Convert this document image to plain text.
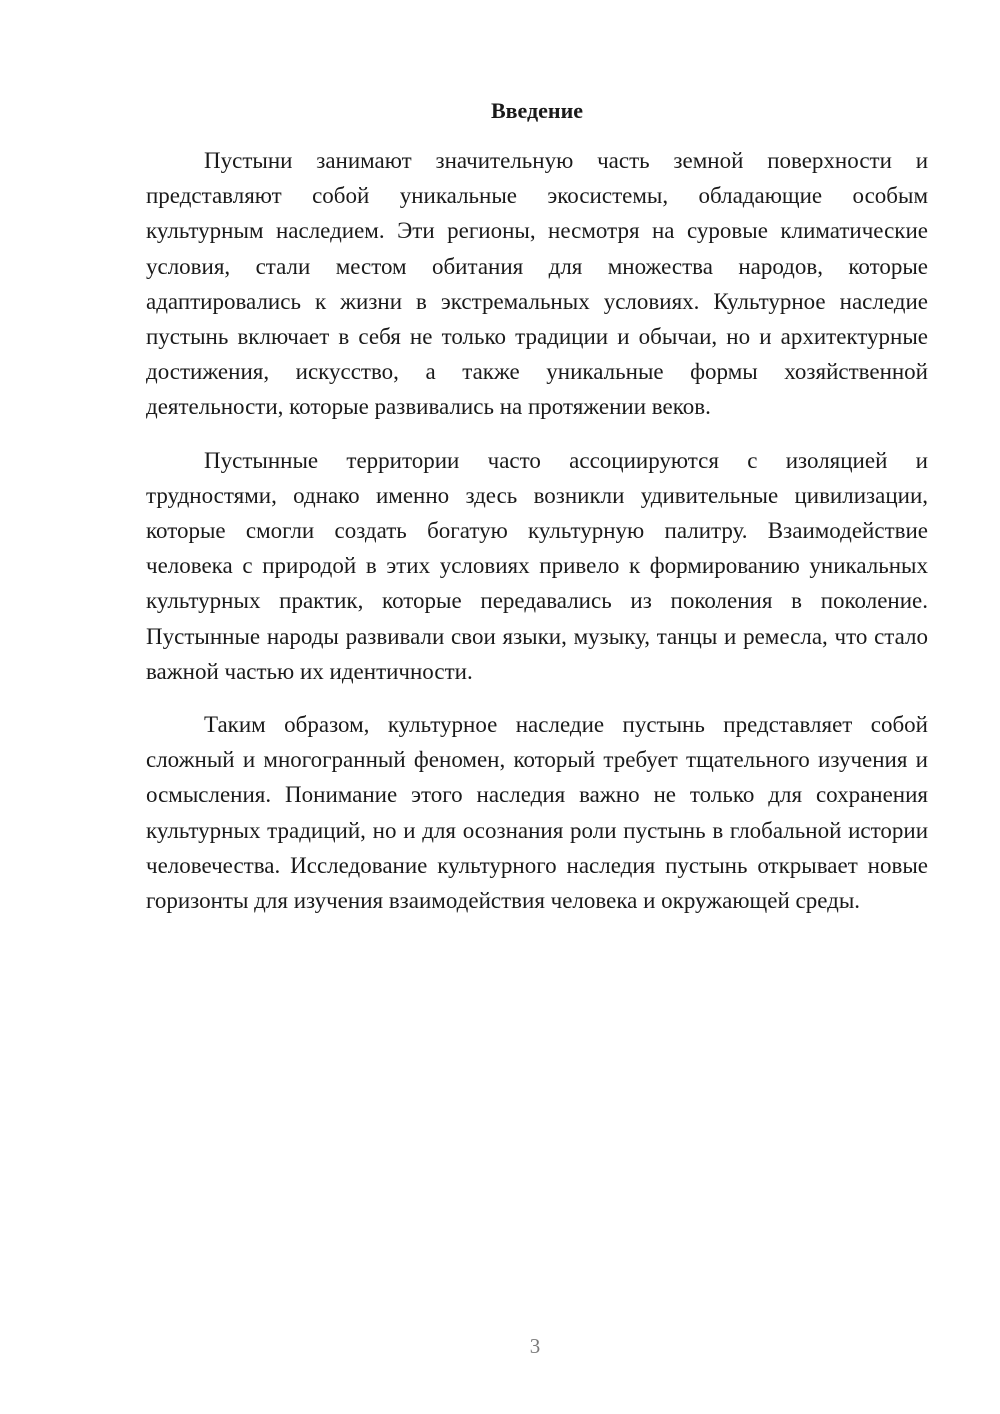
Введение

Пустыни занимают значительную часть земной поверхности и представляют собой уникальные экосистемы, обладающие особым культурным наследием. Эти регионы, несмотря на суровые климатические условия, стали местом обитания для множества народов, которые адаптировались к жизни в экстремальных условиях. Культурное наследие пустынь включает в себя не только традиции и обычаи, но и архитектурные достижения, искусство, а также уникальные формы хозяйственной деятельности, которые развивались на протяжении веков.

Пустынные территории часто ассоциируются с изоляцией и трудностями, однако именно здесь возникли удивительные цивилизации, которые смогли создать богатую культурную палитру. Взаимодействие человека с природой в этих условиях привело к формированию уникальных культурных практик, которые передавались из поколения в поколение. Пустынные народы развивали свои языки, музыку, танцы и ремесла, что стало важной частью их идентичности.

Таким образом, культурное наследие пустынь представляет собой сложный и многогранный феномен, который требует тщательного изучения и осмысления. Понимание этого наследия важно не только для сохранения культурных традиций, но и для осознания роли пустынь в глобальной истории человечества. Исследование культурного наследия пустынь открывает новые горизонты для изучения взаимодействия человека и окружающей среды.

3
